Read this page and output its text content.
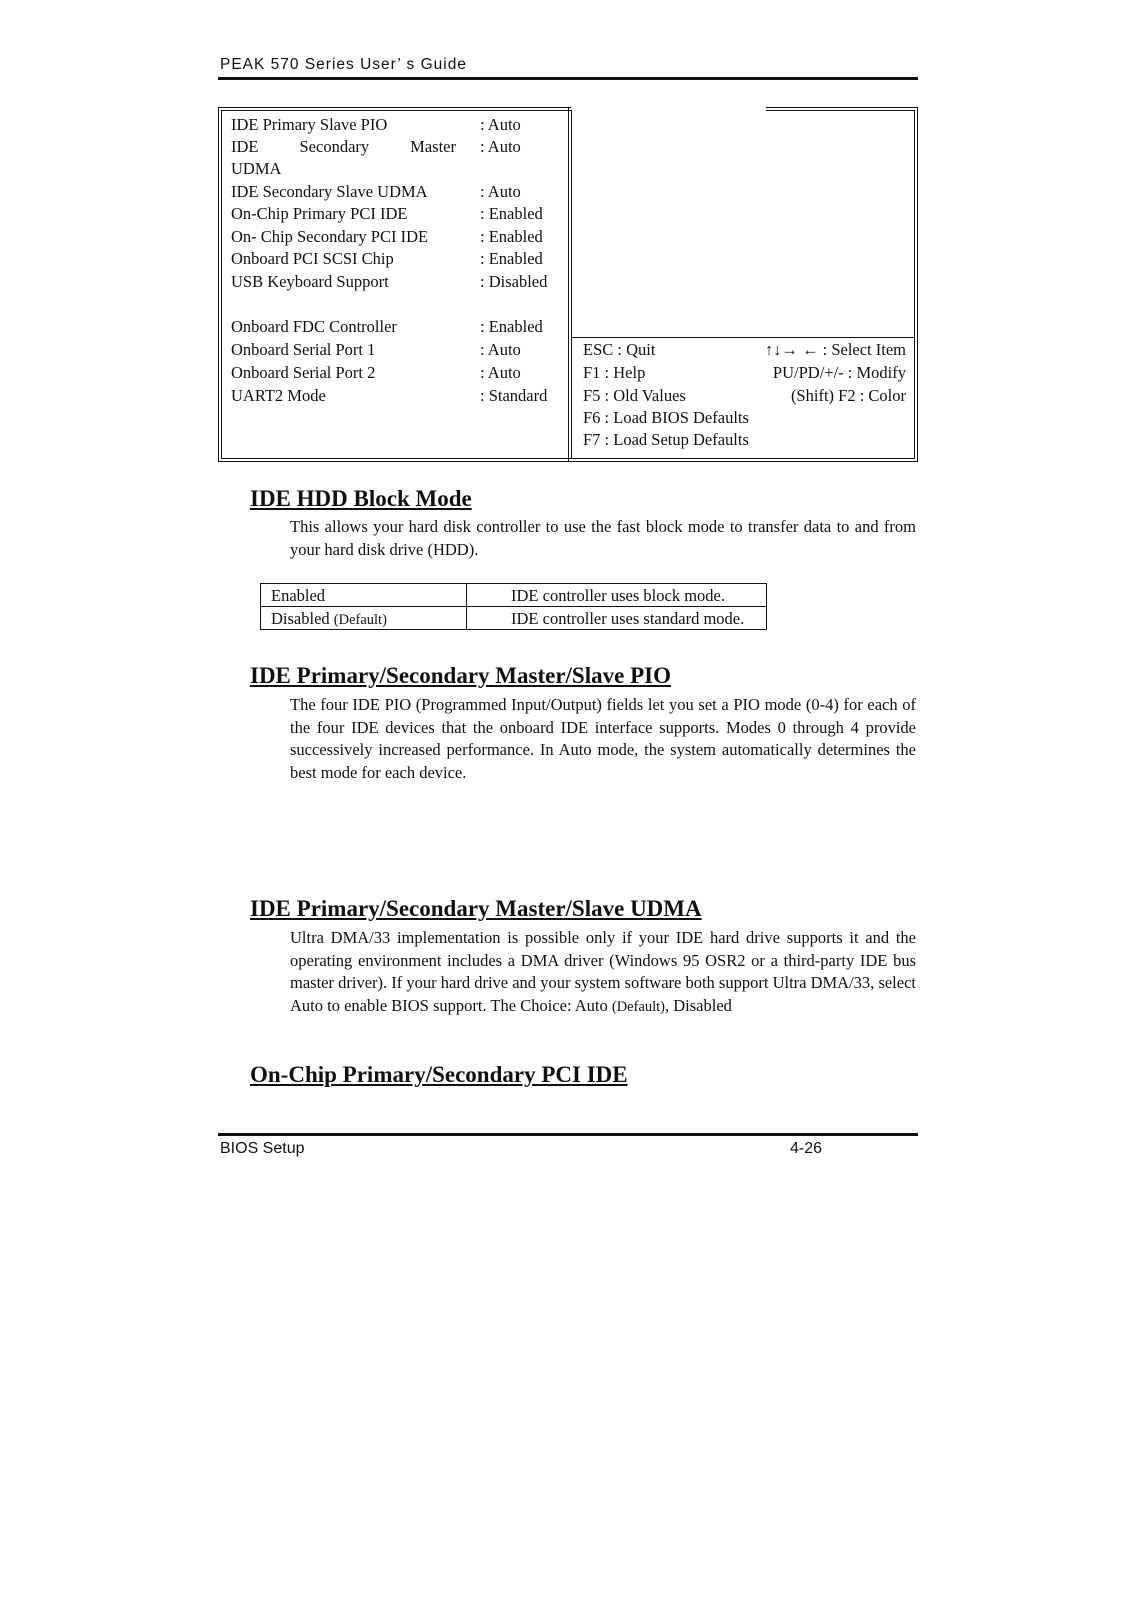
PEAK 570 Series User’ s Guide
IDE Primary Slave PIO	: Auto
IDE Secondary Master : Auto
UDMA
IDE Secondary Slave UDMA	: Auto
On-Chip Primary PCI IDE	: Enabled
On- Chip Secondary PCI IDE	: Enabled
Onboard PCI SCSI Chip	: Enabled
USB Keyboard Support	: Disabled
Onboard FDC Controller	: Enabled
Onboard Serial Port 1	: Auto
Onboard Serial Port 2	: Auto
UART2 Mode	: Standard
ESC : Quit	↑↓→ ← : Select Item
F1 : Help	PU/PD/+/- : Modify
F5 : Old Values	(Shift) F2 : Color
F6 : Load BIOS Defaults
F7 : Load Setup Defaults
IDE HDD Block Mode
This allows your hard disk controller to use the fast block mode to transfer data to and from your hard disk drive (HDD).
Enabled	IDE controller uses block mode.
Disabled (Default)	IDE controller uses standard mode.
IDE Primary/Secondary Master/Slave PIO
The four IDE PIO (Programmed Input/Output) fields let you set a PIO mode (0-4) for each of the four IDE devices that the onboard IDE interface supports. Modes 0 through 4 provide successively increased performance. In Auto mode, the system automatically determines the best mode for each device.
IDE Primary/Secondary Master/Slave UDMA
Ultra DMA/33 implementation is possible only if your IDE hard drive supports it and the operating environment includes a DMA driver (Windows 95 OSR2 or a third-party IDE bus master driver). If your hard drive and your system software both support Ultra DMA/33, select Auto to enable BIOS support. The Choice: Auto (Default), Disabled
On-Chip Primary/Secondary PCI IDE
BIOS Setup	4-26
